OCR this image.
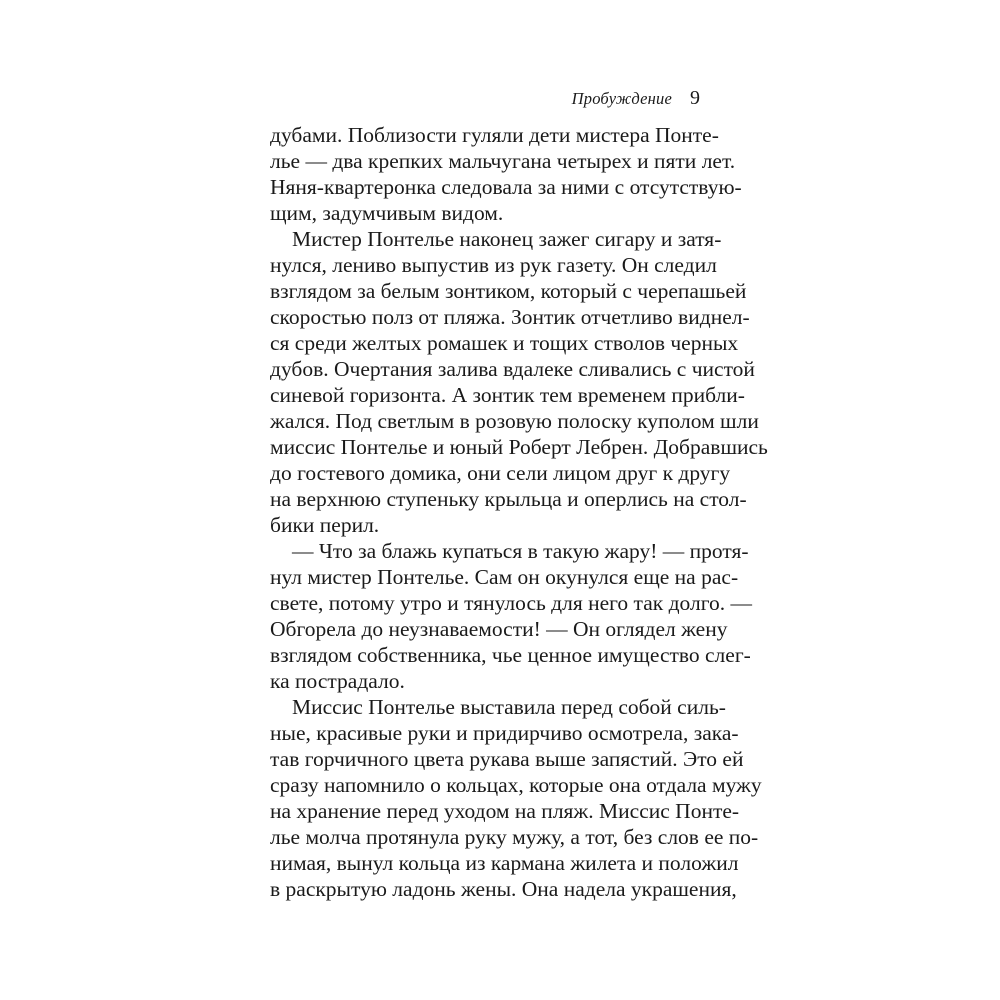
Пробуждение 9
дубами. Поблизости гуляли дети мистера Понте-
лье — два крепких мальчугана четырех и пяти лет.
Няня-квартеронка следовала за ними с отсутствую-
щим, задумчивым видом.
Мистер Понтелье наконец зажег сигару и затя-
нулся, лениво выпустив из рук газету. Он следил
взглядом за белым зонтиком, который с черепашьей
скоростью полз от пляжа. Зонтик отчетливо виднел-
ся среди желтых ромашек и тощих стволов черных
дубов. Очертания залива вдалеке сливались с чистой
синевой горизонта. А зонтик тем временем прибли-
жался. Под светлым в розовую полоску куполом шли
миссис Понтелье и юный Роберт Лебрен. Добравшись
до гостевого домика, они сели лицом друг к другу
на верхнюю ступеньку крыльца и оперлись на стол-
бики перил.
— Что за блажь купаться в такую жару! — протя-
нул мистер Понтелье. Сам он окунулся еще на рас-
свете, потому утро и тянулось для него так долго. —
Обгорела до неузнаваемости! — Он оглядел жену
взглядом собственника, чье ценное имущество слег-
ка пострадало.
Миссис Понтелье выставила перед собой силь-
ные, красивые руки и придирчиво осмотрела, зака-
тав горчичного цвета рукава выше запястий. Это ей
сразу напомнило о кольцах, которые она отдала мужу
на хранение перед уходом на пляж. Миссис Понте-
лье молча протянула руку мужу, а тот, без слов ее по-
нимая, вынул кольца из кармана жилета и положил
в раскрытую ладонь жены. Она надела украшения,
